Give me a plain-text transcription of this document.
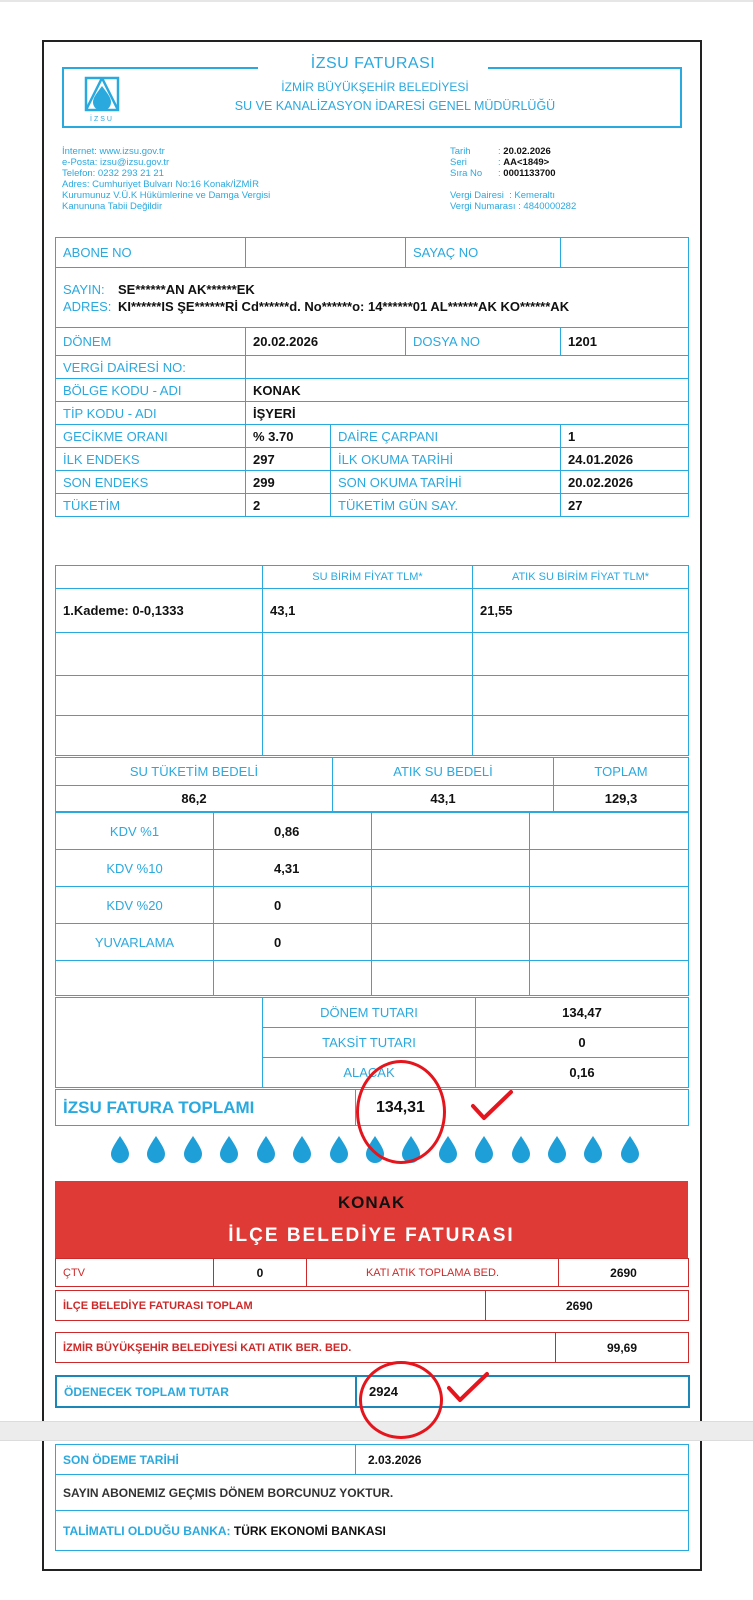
İZSU FATURASI
İZMİR BÜYÜKŞEHİR BELEDİYESİ
SU VE KANALİZASYON İDARESİ GENEL MÜDÜRLÜĞÜ
İZSU
İnternet: www.izsu.gov.tr
e-Posta: izsu@izsu.gov.tr
Telefon: 0232 293 21 21
Adres: Cumhuriyet Bulvarı No:16 Konak/İZMİR
Kurumunuz V.Ü.K Hükümlerine ve Damga Vergisi
Kanununa Tabii Değildir
Tarih	: 20.02.2026
Seri	: AA<1849>
Sıra No : 0001133700
Vergi Dairesi  : Kemeraltı
Vergi Numarası : 4840000282
ABONE NO		SAYAÇ NO	

SAYIN: SE******AN AK******EK
ADRES: KI******IS ŞE******Rİ Cd******d. No******o: 14******01 AL******AK KO******AK
DÖNEM	20.02.2026		DOSYA NO	1201
VERGİ DAİRESİ NO:				
BÖLGE KODU - ADI	KONAK			
TİP KODU - ADI	İŞYERİ			
GECİKME ORANI	% 3.70	DAİRE ÇARPANI		1
İLK ENDEKS	297	İLK OKUMA TARİHİ		24.01.2026
SON ENDEKS	299	SON OKUMA TARİHİ		20.02.2026
TÜKETİM	2	TÜKETİM GÜN SAY.		27
	SU BİRİM FİYAT TLM*	ATIK SU BİRİM FİYAT TLM*
1.Kademe: 0-0,1333	43,1	21,55

SU TÜKETİM BEDELİ	ATIK SU BEDELİ	TOPLAM
86,2	43,1	129,3
KDV %1	0,86		
KDV %10	4,31		
KDV %20	0		
YUVARLAMA	0		

	DÖNEM TUTARI	134,47
	TAKSİT TUTARI	0
	ALACAK	0,16
İZSU FATURA TOPLAMI	134,31
KONAK
İLÇE BELEDİYE FATURASI
ÇTV	0	KATI ATIK TOPLAMA BED.	2690
İLÇE BELEDİYE FATURASI TOPLAM	2690
İZMİR BÜYÜKŞEHİR BELEDİYESİ KATI ATIK BER. BED.	99,69
ÖDENECEK TOPLAM TUTAR	2924
SON ÖDEME TARİHİ	2.03.2026
SAYIN ABONEMIZ GEÇMIS DÖNEM BORCUNUZ YOKTUR.
TALİMATLI OLDUĞU BANKA: TÜRK EKONOMİ BANKASI
